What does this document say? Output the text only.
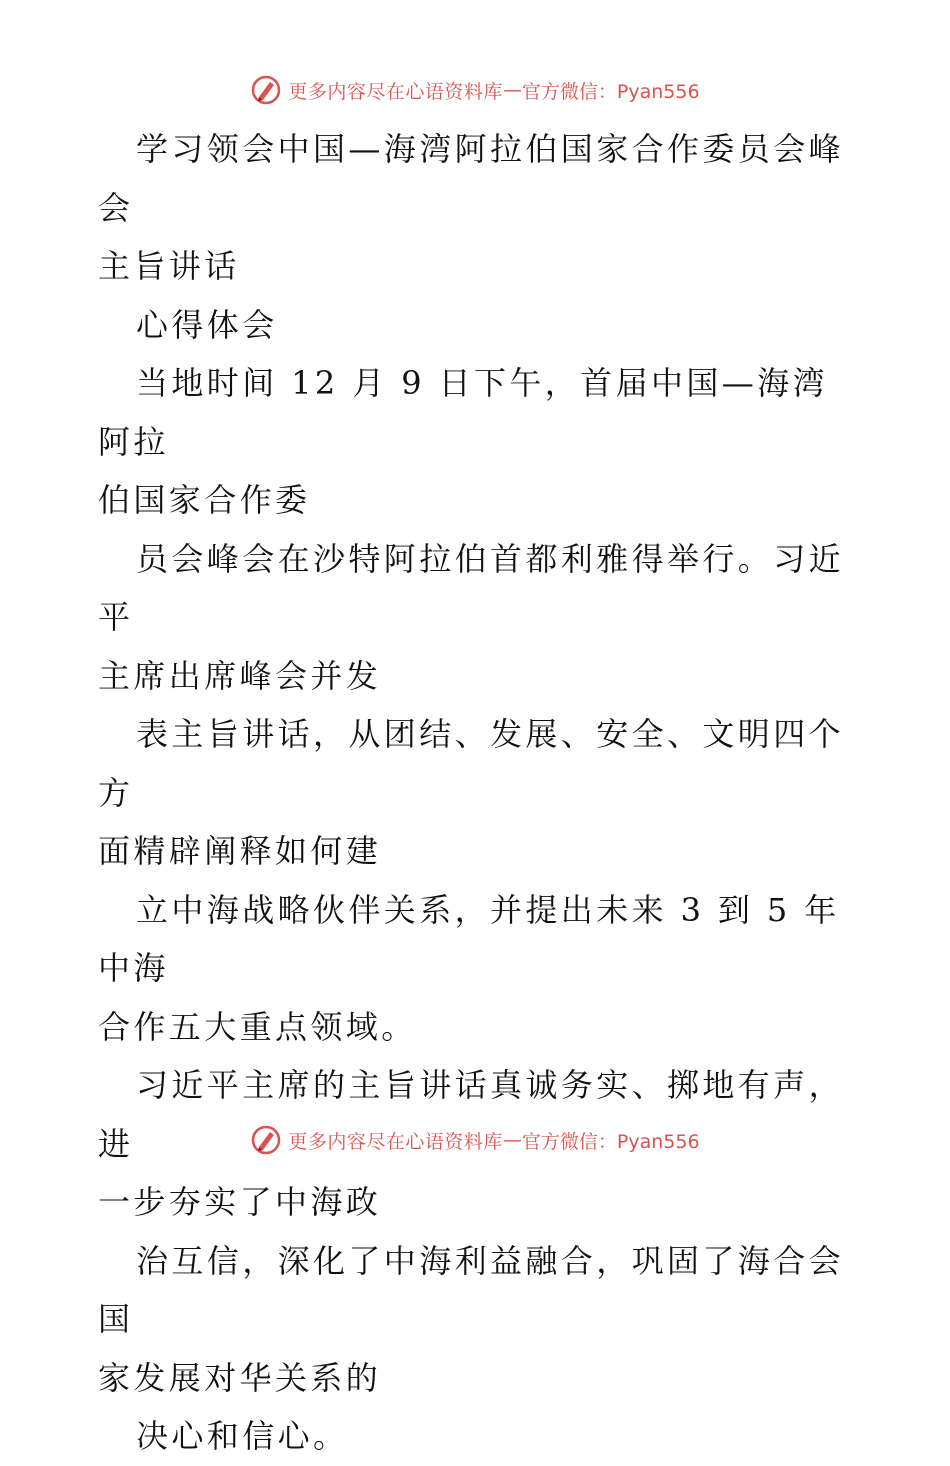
更多内容尽在心语资料库 — 官方微信：Pyan556

学习领会中国—海湾阿拉伯国家合作委员会峰会
主旨讲话

心得体会

当地时间 12 月 9 日下午，首届中国—海湾阿拉
伯国家合作委

员会峰会在沙特阿拉伯首都利雅得举行。习近平
主席出席峰会并发

表主旨讲话，从团结、发展、安全、文明四个方
面精辟阐释如何建

立中海战略伙伴关系，并提出未来 3 到 5 年中海
合作五大重点领域。

习近平主席的主旨讲话真诚务实、掷地有声，进
一步夯实了中海政

治互信，深化了中海利益融合，巩固了海合会国
家发展对华关系的

决心和信心。

更多内容尽在心语资料库 — 官方微信：Pyan556
